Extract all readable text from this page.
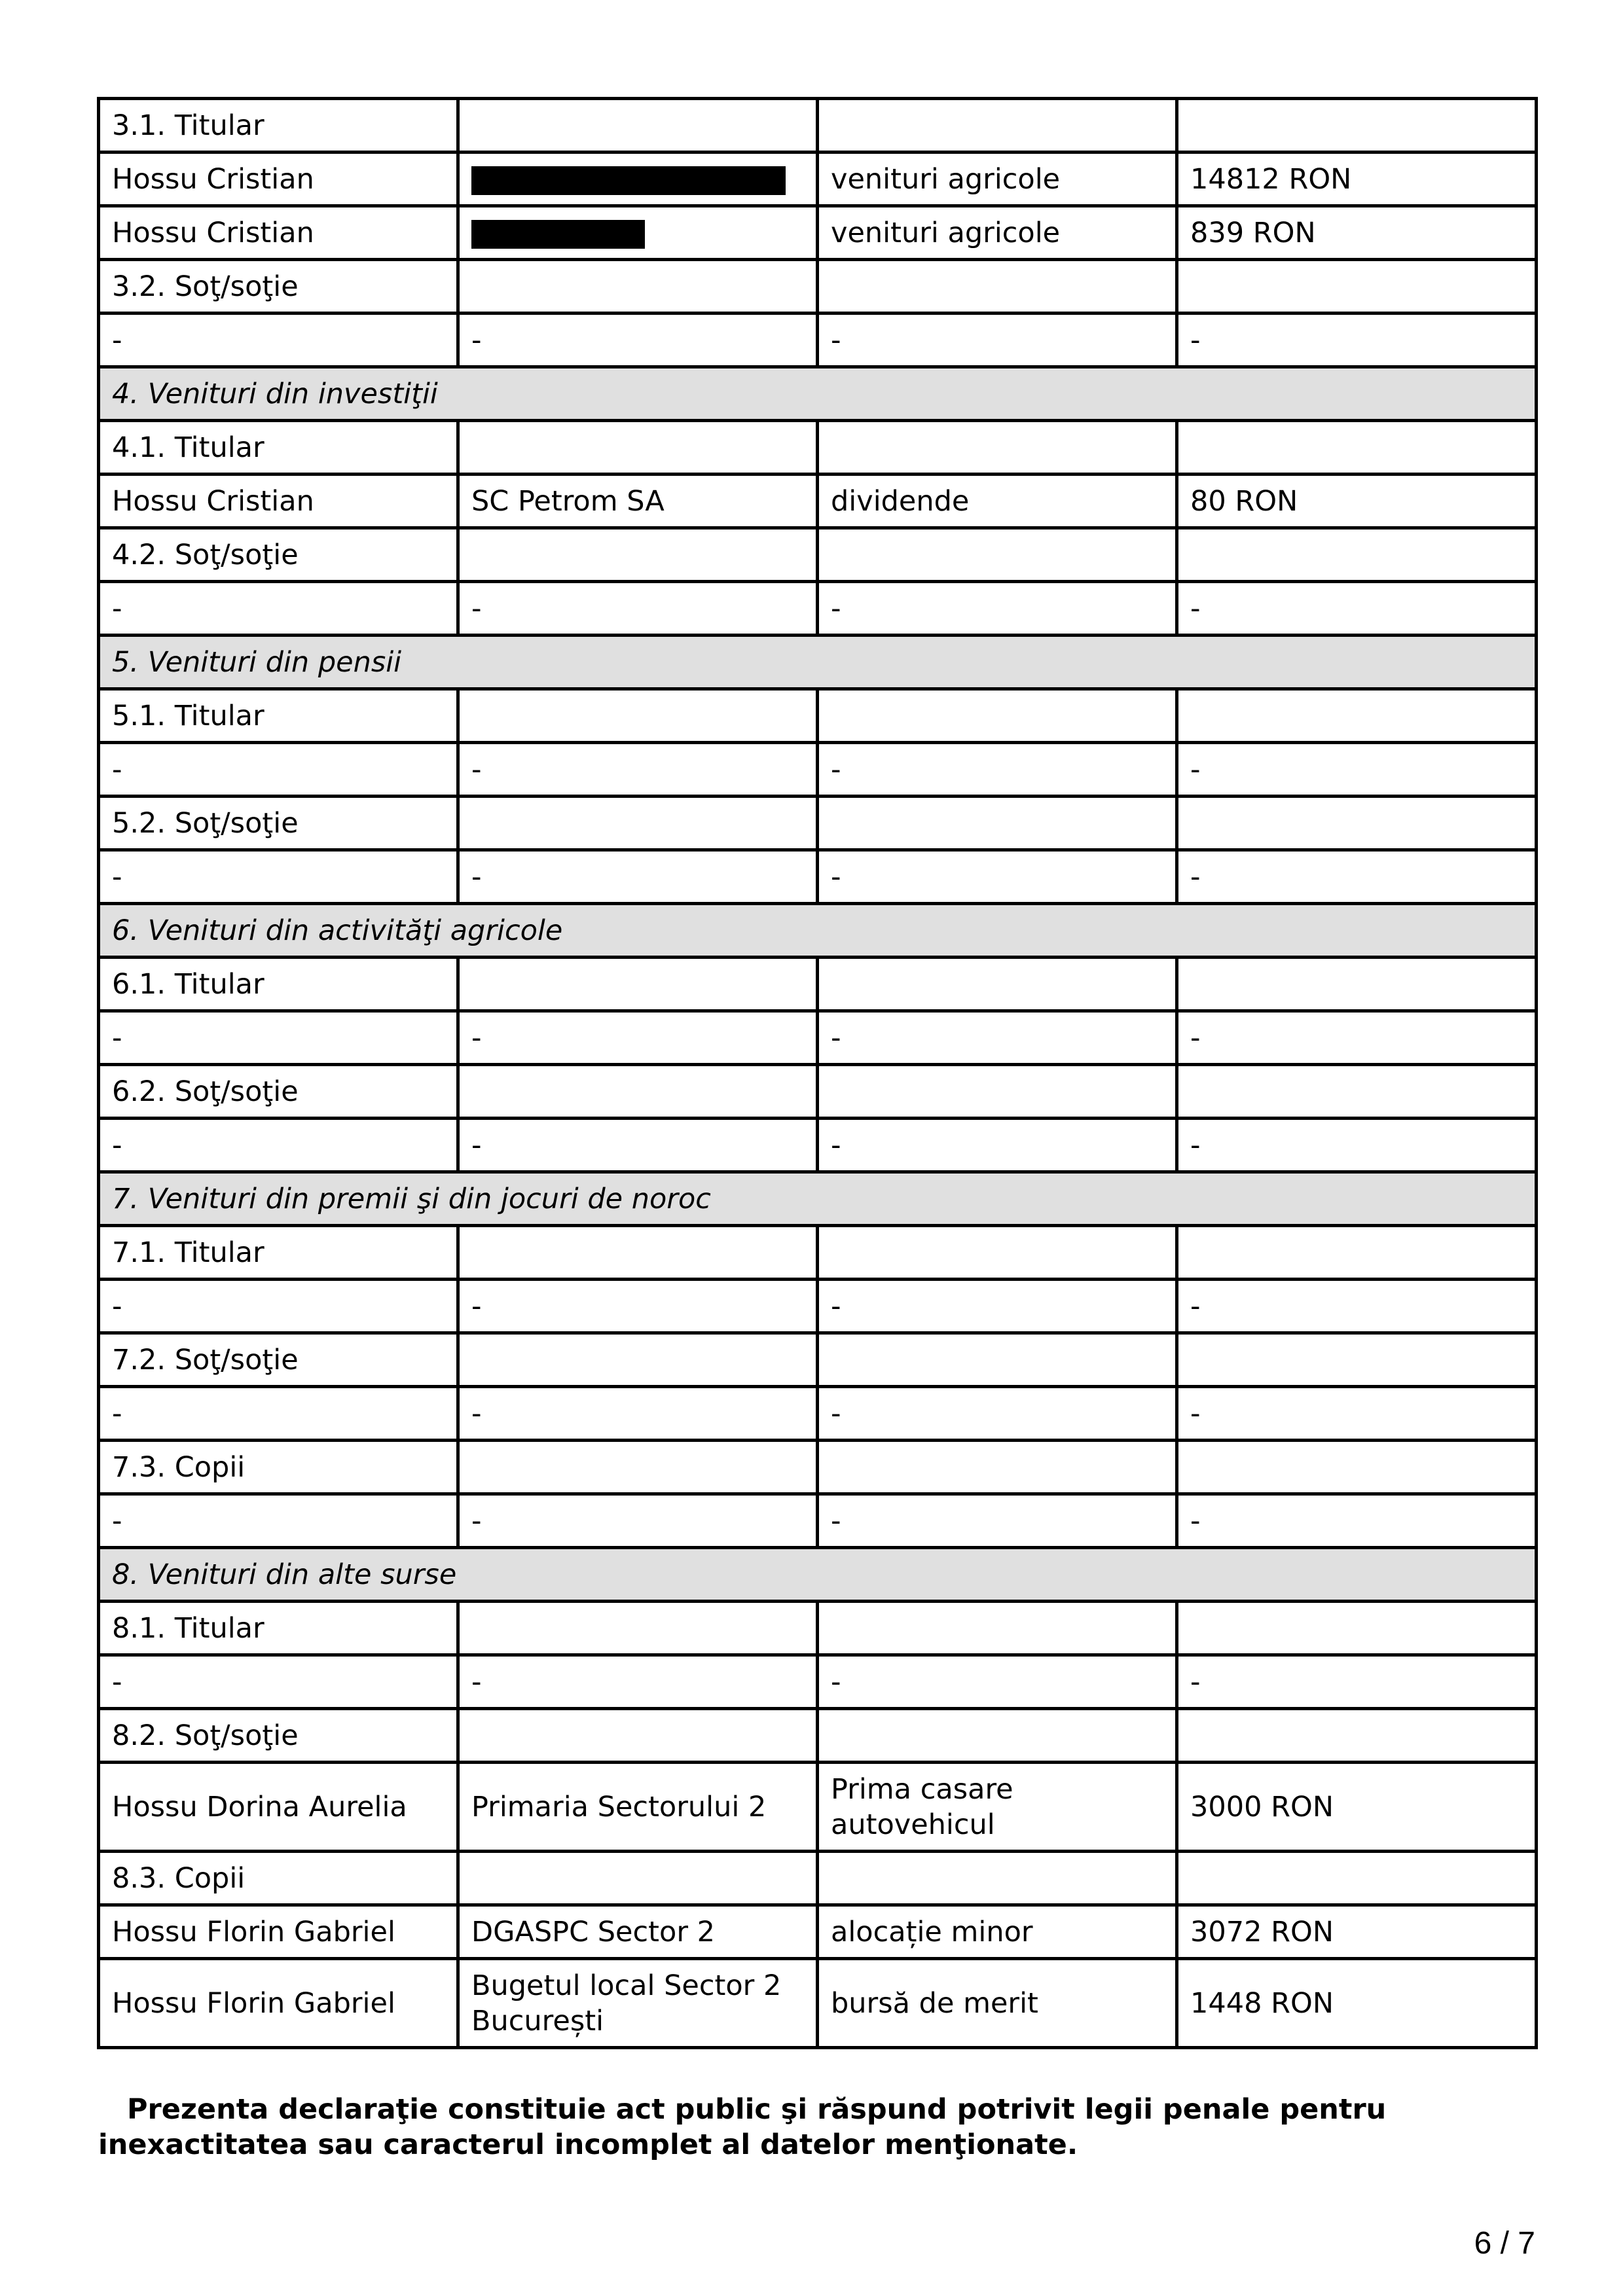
3.1. Titular			
Hossu Cristian		venituri agricole	14812 RON
Hossu Cristian		venituri agricole	839 RON
3.2. Soţ/soţie			
-	-	-	-
4. Venituri din investiţii			
4.1. Titular			
Hossu Cristian	SC Petrom SA	dividende	80 RON
4.2. Soţ/soţie			
-	-	-	-
5. Venituri din pensii			
5.1. Titular			
-	-	-	-
5.2. Soţ/soţie			
-	-	-	-
6. Venituri din activităţi agricole			
6.1. Titular			
-	-	-	-
6.2. Soţ/soţie			
-	-	-	-
7. Venituri din premii şi din jocuri de noroc			
7.1. Titular			
-	-	-	-
7.2. Soţ/soţie			
-	-	-	-
7.3. Copii			
-	-	-	-
8. Venituri din alte surse			
8.1. Titular			
-	-	-	-
8.2. Soţ/soţie			
Hossu Dorina Aurelia	Primaria Sectorului 2	Prima casare autovehicul	3000 RON
8.3. Copii			
Hossu Florin Gabriel	DGASPC Sector 2	alocație minor	3072 RON
Hossu Florin Gabriel	Bugetul local Sector 2 București	bursă de merit	1448 RON

Prezenta declaraţie constituie act public şi răspund potrivit legii penale pentru inexactitatea sau caracterul incomplet al datelor menţionate.

6 / 7
